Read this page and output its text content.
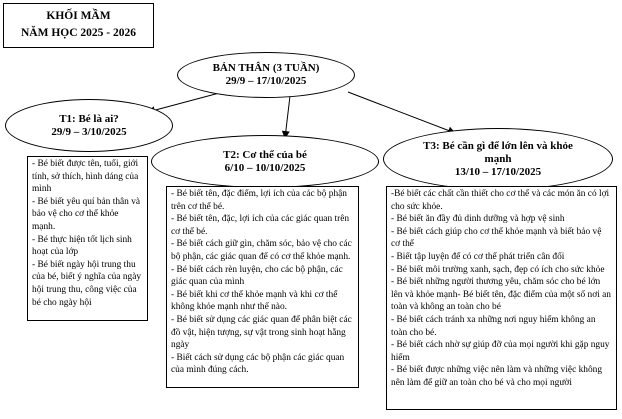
KHỐI MẦM
NĂM HỌC 2025 - 2026
BẢN THÂN (3 TUẦN)
29/9 – 17/10/2025
T1: Bé là ai?
29/9 – 3/10/2025

- Bé biết được tên, tuổi, giới tính, sở thích, hình dáng của mình

- Bé biết yêu quí bản thân và bảo vệ cho cơ thể khỏe mạnh.

- Bé thực hiện tốt lịch sinh hoạt của lớp

- Bé biết ngày hội trung thu của bé, biết ý nghĩa của ngày hội trung thu, công việc của bé cho ngày hội

T2: Cơ thể của bé
6/10 – 10/10/2025

- Bé biết tên, đặc điểm, lợi ích của các bộ phận trên cơ thể bé.

- Bé biết tên, đặc, lợi ích của các giác quan trên cơ thể bé.

- Bé biết cách giữ gìn, chăm sóc, bảo vệ cho các bộ phận, các giác quan để có cơ thể khỏe mạnh.

- Bé biết cách rèn luyện, cho các bộ phận, các giác quan của mình

- Bé biết khi cơ thể khỏe mạnh và khi cơ thể không khỏe mạnh như thế nào.

- Bé biết sử dụng các giác quan để phân biệt các đồ vật, hiện tượng, sự vật trong sinh hoạt hằng ngày

- Biết cách sử dụng các bộ phận các giác quan của mình đúng cách.

T3: Bé cần gì để lớn lên và khỏe mạnh
13/10 – 17/10/2025

-Bé biết các chất cần thiết cho cơ thể và các món ăn có lợi cho sức khỏe.

- Bé biết ăn đầy đủ dinh dưỡng và hợp vệ sinh

- Bé biết cách giúp cho cơ thể khỏe mạnh và biết bảo vệ cơ thể

- Biết tập luyện để có cơ thể phát triển cân đối

- Bé biết môi trường xanh, sạch, đẹp có ích cho sức khỏe

- Bé biết những người thương yêu, chăm sóc cho bé lớn lên và khỏe mạnh- Bé biết tên, đặc điểm của một số nơi an toàn và không an toàn cho bé

- Bé biết cách tránh xa những nơi nguy hiểm không an toàn cho bé.

- Bé biết cách nhờ sự giúp đỡ của mọi người khi gặp nguy hiểm

- Bé biết được những việc nên làm và những việc không nên làm để giữ an toàn cho bé và cho mọi người
